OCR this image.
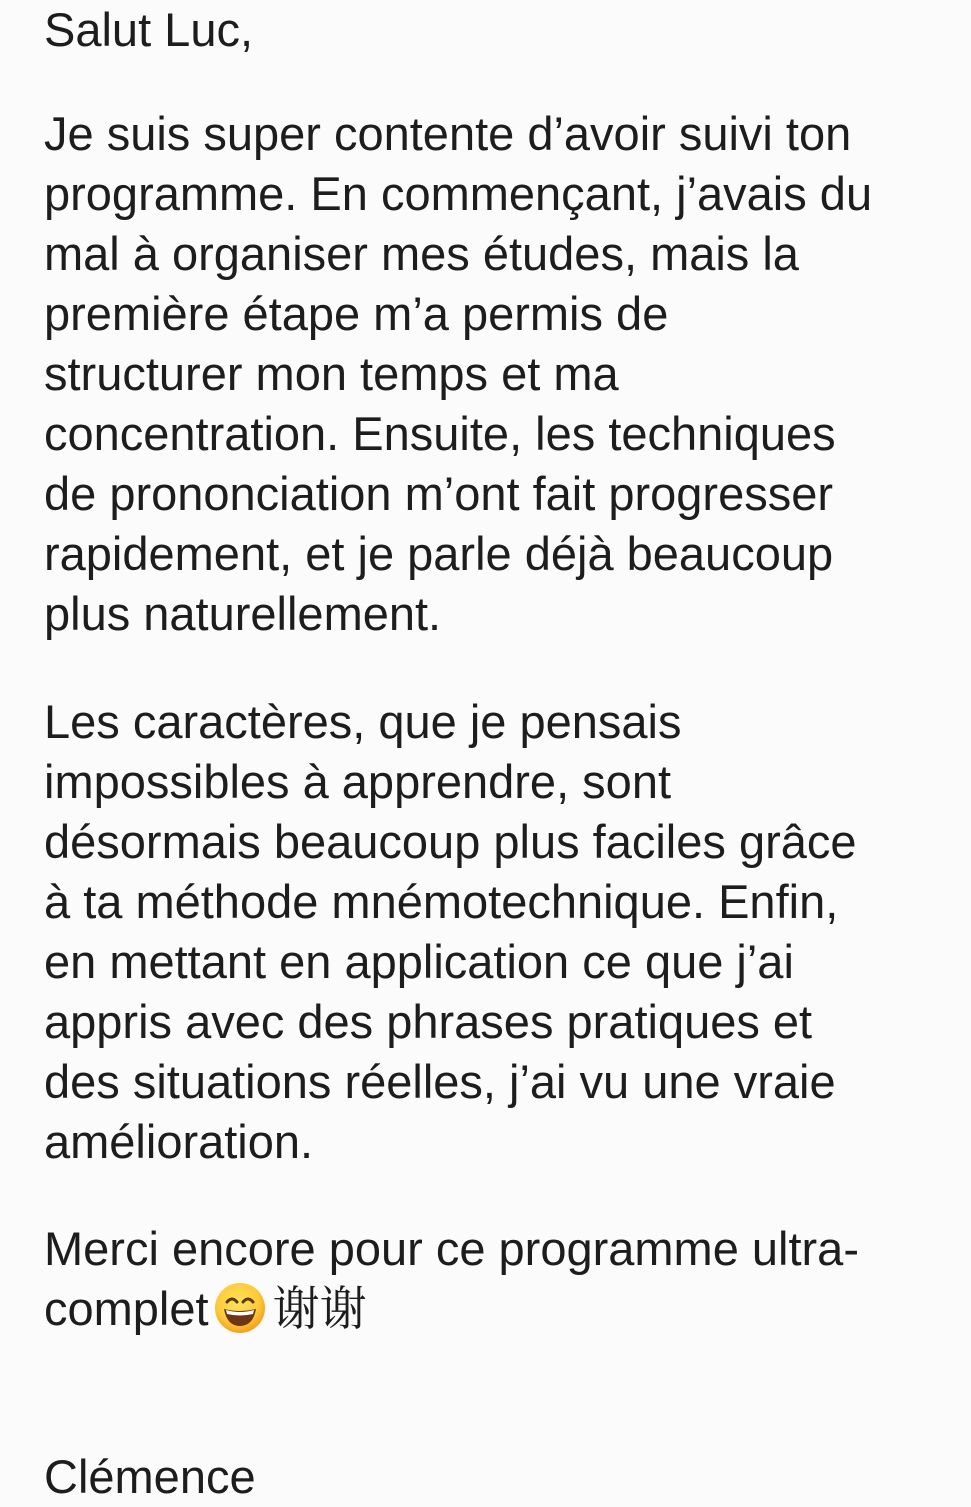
Salut Luc,
Je suis super contente d’avoir suivi ton
programme. En commençant, j’avais du
mal à organiser mes études, mais la
première étape m’a permis de
structurer mon temps et ma
concentration. Ensuite, les techniques
de prononciation m’ont fait progresser
rapidement, et je parle déjà beaucoup
plus naturellement.
Les caractères, que je pensais
impossibles à apprendre, sont
désormais beaucoup plus faciles grâce
à ta méthode mnémotechnique. Enfin,
en mettant en application ce que j’ai
appris avec des phrases pratiques et
des situations réelles, j’ai vu une vraie
amélioration.
Merci encore pour ce programme ultra-
complet 谢谢
Clémence
